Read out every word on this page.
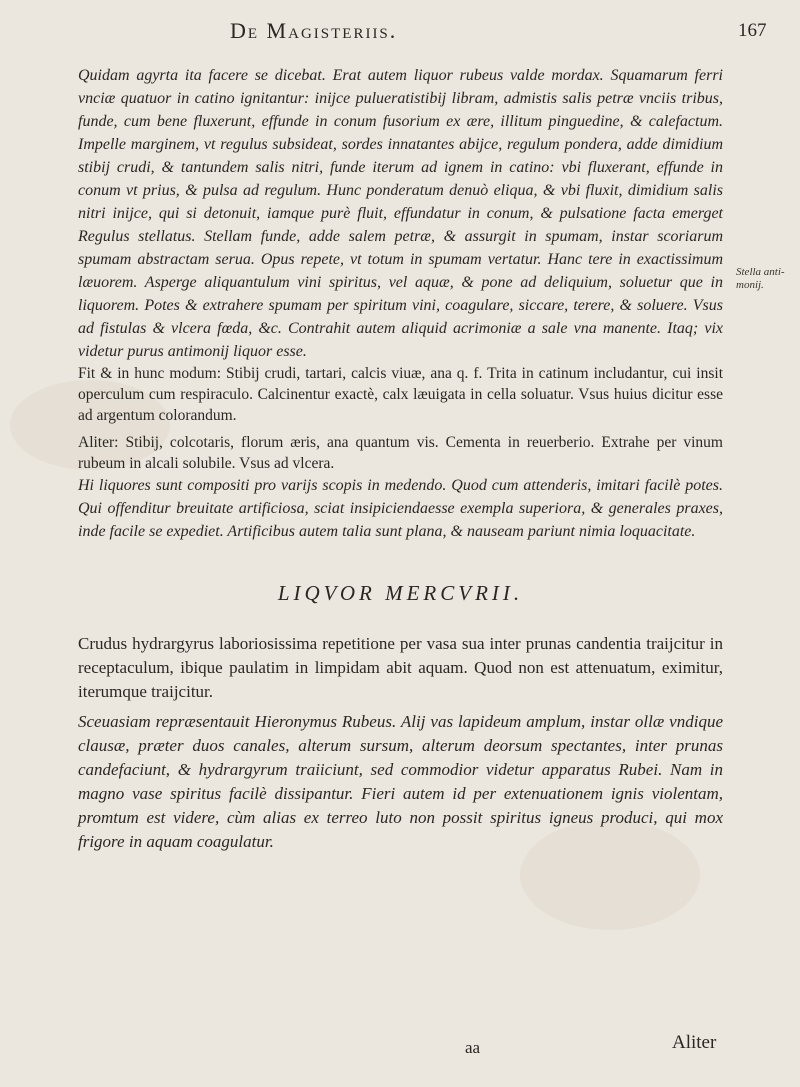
De Magisteriis.	167
Stella anti-monij.

Quidam agyrta ita facere se dicebat. Erat autem liquor rubeus valde mordax. Squamarum ferri vnciæ quatuor in catino ignitantur: inijce pulueratistibij libram, admistis salis petræ vnciis tribus, funde, cum bene fluxerunt, effunde in conum fusorium ex ære, illitum pinguedine, & calefactum. Impelle marginem, vt regulus subsideat, sordes innatantes abijce, regulum pondera, adde dimidium stibij crudi, & tantundem salis nitri, funde iterum ad ignem in catino: vbi fluxerant, effunde in conum vt prius, & pulsa ad regulum. Hunc ponderatum denuò eliqua, & vbi fluxit, dimidium salis nitri inijce, qui si detonuit, iamque purè fluit, effundatur in conum, & pulsatione facta emerget Regulus stellatus. Stellam funde, adde salem petræ, & assurgit in spumam, instar scoriarum spumam abstractam serua. Opus repete, vt totum in spumam vertatur. Hanc tere in exactissimum læuorem. Asperge aliquantulum vini spiritus, vel aquæ, & pone ad deliquium, soluetur que in liquorem. Potes & extrahere spumam per spiritum vini, coagulare, siccare, terere, & soluere. Vsus ad fistulas & vlcera fœda, &c. Contrahit autem aliquid acrimoniæ a sale vna manente. Itaq; vix videtur purus antimonij liquor esse.

Fit & in hunc modum: Stibij crudi, tartari, calcis viuæ, ana q. f. Trita in catinum includantur, cui insit operculum cum respiraculo. Calcinentur exactè, calx læuigata in cella soluatur. Vsus huius dicitur esse ad argentum colorandum.

Aliter: Stibij, colcotaris, florum æris, ana quantum vis. Cementa in reuerberio. Extrahe per vinum rubeum in alcali solubile. Vsus ad vlcera.

Hi liquores sunt compositi pro varijs scopis in medendo. Quod cum attenderis, imitari facilè potes. Qui offenditur breuitate artificiosa, sciat insipiciendaesse exempla superiora, & generales praxes, inde facile se expediet. Artificibus autem talia sunt plana, & nauseam pariunt nimia loquacitate.

LIQVOR MERCVRII.

Crudus hydrargyrus laboriosissima repetitione per vasa sua inter prunas candentia traijcitur in receptaculum, ibique paulatim in limpidam abit aquam. Quod non est attenuatum, eximitur, iterumque traijcitur.

Sceuasiam repræsentauit Hieronymus Rubeus. Alij vas lapideum amplum, instar ollæ vndique clausæ, præter duos canales, alterum sursum, alterum deorsum spectantes, inter prunas candefaciunt, & hydrargyrum traiiciunt, sed commodior videtur apparatus Rubei. Nam in magno vase spiritus facilè dissipantur. Fieri autem id per extenuationem ignis violentam, promtum est videre, cùm alias ex terreo luto non possit spiritus igneus produci, qui mox frigore in aquam coagulatur.

aa	Aliter
